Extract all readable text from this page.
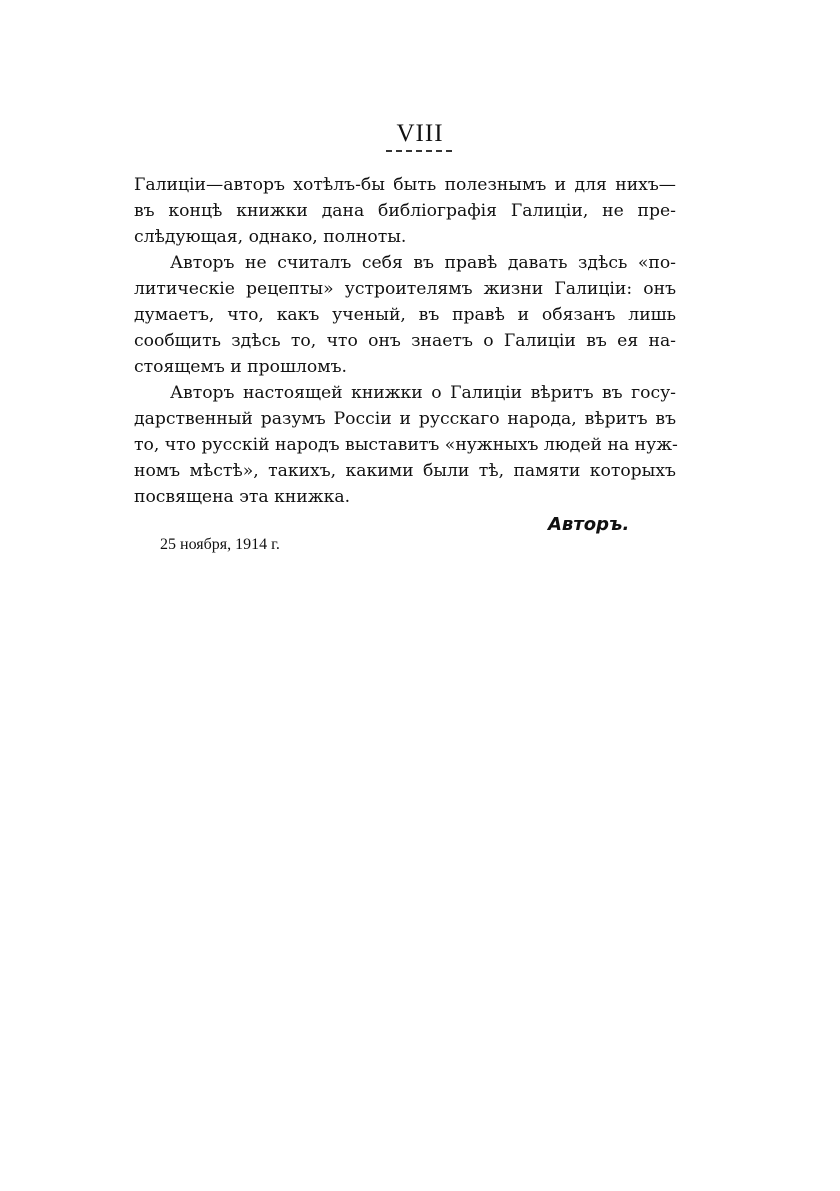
VIII
Галиціи—авторъ хотѣлъ-бы быть полезнымъ и для нихъ—
въ концѣ книжки дана библіографія Галиціи, не пре-
слѣдующая, однако, полноты.
Авторъ не считалъ себя въ правѣ давать здѣсь «по-
литическіе рецепты» устроителямъ жизни Галиціи: онъ
думаетъ, что, какъ ученый, въ правѣ и обязанъ лишь
сообщить здѣсь то, что онъ знаетъ о Галиціи въ ея на-
стоящемъ и прошломъ.
Авторъ настоящей книжки о Галиціи вѣритъ въ госу-
дарственный разумъ Россіи и русскаго народа, вѣритъ въ
то, что русскій народъ выставитъ «нужныхъ людей на нуж-
номъ мѣстѣ», такихъ, какими были тѣ, памяти которыхъ
посвящена эта книжка.
Авторъ.
25 ноября, 1914 г.
